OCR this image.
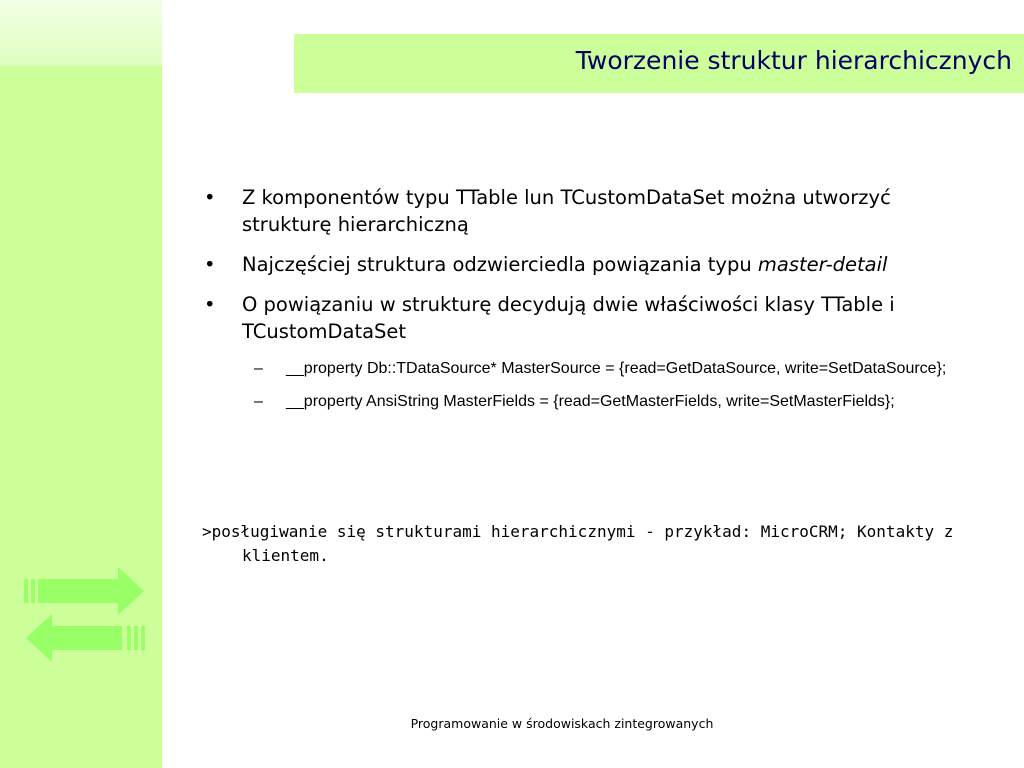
Tworzenie struktur hierarchicznych
• Z komponentów typu TTable lun TCustomDataSet można utworzyć strukturę hierarchiczną
• Najczęściej struktura odzwierciedla powiązania typu master-detail
• O powiązaniu w strukturę decydują dwie właściwości klasy TTable i TCustomDataSet
– __property Db::TDataSource* MasterSource = {read=GetDataSource, write=SetDataSource};
– __property AnsiString MasterFields = {read=GetMasterFields, write=SetMasterFields};
>posługiwanie się strukturami hierarchicznymi - przykład: MicroCRM; Kontakty z klientem.
Programowanie w środowiskach zintegrowanych
